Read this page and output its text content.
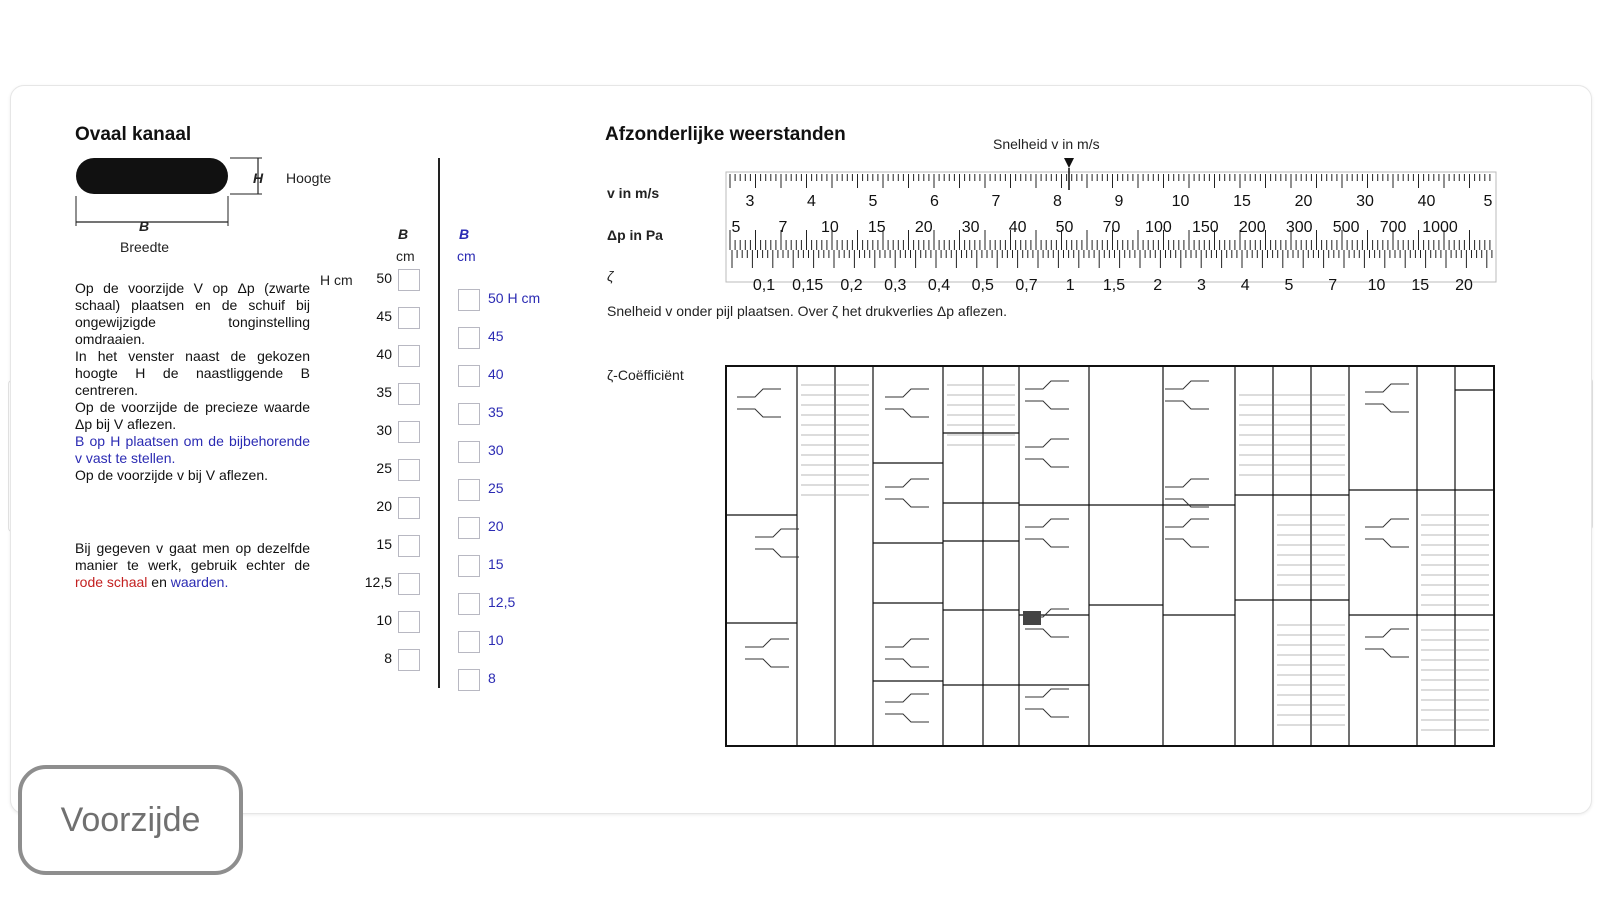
Ovaal kanaal
H Hoogte
B
Breedte

Op de voorzijde V op Δp (zwarte schaal) plaatsen en de schuif bij ongewijzigde tonginstelling omdraaien.

In het venster naast de gekozen hoogte H de naastliggende B centreren.

Op de voorzijde de precieze waarde Δp bij V aflezen.

B op H plaatsen om de bijbehorende v vast te stellen.

Op de voorzijde v bij V aflezen.

Bij gegeven v gaat men op dezelfde manier te werk, gebruik echter de rode schaal en waarden.
B
cm
B
cm
H cm	50
45
40
35
30
25
20
15
12,5
10
8
50 H cm
45
40
35
30
25
20
15
12,5
10
8
Afzonderlijke weerstanden	Snelheid v in m/s
v in m/s
Δp in Pa
ζ
3	4	5	6	7	8	9	10	15	20	30	40	5
5 7 10 15 20 30 40 50 70 100 150 200 300 500 700 1000
0,1 0,15 0,2 0,3 0,4 0,5 0,7 1 1,5 2 3 4 5 7 10 15 20
Snelheid v onder pijl plaatsen. Over ζ het drukverlies Δp aflezen.
ζ-Coëfficiënt
Voorzijde
